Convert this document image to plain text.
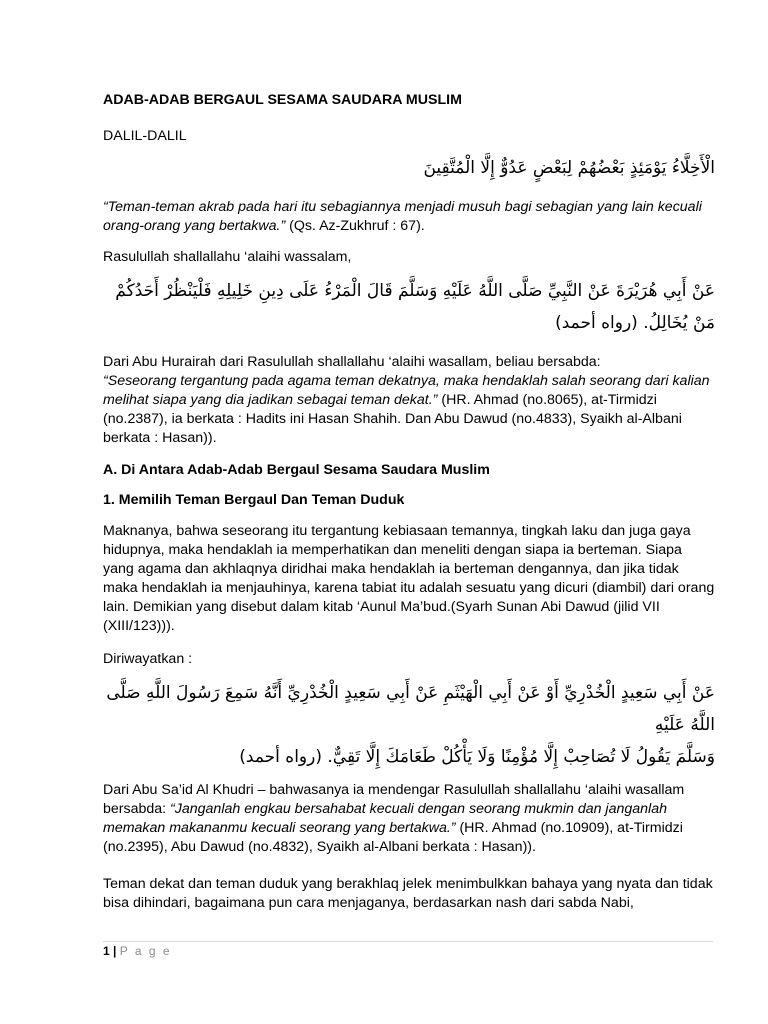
ADAB-ADAB BERGAUL SESAMA SAUDARA MUSLIM

DALIL-DALIL

الْأَخِلَّاءُ يَوْمَئِذٍ بَعْضُهُمْ لِبَعْضٍ عَدُوٌّ إِلَّا الْمُتَّقِينَ

“Teman-teman akrab pada hari itu sebagiannya menjadi musuh bagi sebagian yang lain kecuali orang-orang yang bertakwa.” (Qs. Az-Zukhruf : 67).

Rasulullah shallallahu ‘alaihi wassalam,

عَنْ أَبِي هُرَيْرَةَ عَنْ النَّبِيِّ صَلَّى اللَّهُ عَلَيْهِ وَسَلَّمَ قَالَ الْمَرْءُ عَلَى دِينِ خَلِيلِهِ فَلْيَنْظُرْ أَحَدُكُمْ مَنْ يُخَالِلُ. (رواه أحمد)

Dari Abu Hurairah dari Rasulullah shallallahu ‘alaihi wasallam, beliau bersabda:
“Seseorang tergantung pada agama teman dekatnya, maka hendaklah salah seorang dari kalian melihat siapa yang dia jadikan sebagai teman dekat.” (HR. Ahmad (no.8065), at-Tirmidzi (no.2387), ia berkata : Hadits ini Hasan Shahih. Dan Abu Dawud (no.4833), Syaikh al-Albani berkata : Hasan)).

A. Di Antara Adab-Adab Bergaul Sesama Saudara Muslim

1. Memilih Teman Bergaul Dan Teman Duduk

Maknanya, bahwa seseorang itu tergantung kebiasaan temannya, tingkah laku dan juga gaya hidupnya, maka hendaklah ia memperhatikan dan meneliti dengan siapa ia berteman. Siapa yang agama dan akhlaqnya diridhai maka hendaklah ia berteman dengannya, dan jika tidak maka hendaklah ia menjauhinya, karena tabiat itu adalah sesuatu yang dicuri (diambil) dari orang lain. Demikian yang disebut dalam kitab ‘Aunul Ma’bud.(Syarh Sunan Abi Dawud (jilid VII (XIII/123))).

Diriwayatkan :

عَنْ أَبِي سَعِيدٍ الْخُدْرِيِّ أَوْ عَنْ أَبِي الْهَيْثَمِ عَنْ أَبِي سَعِيدٍ الْخُدْرِيِّ أَنَّهُ سَمِعَ رَسُولَ اللَّهِ صَلَّى اللَّهُ عَلَيْهِ

وَسَلَّمَ يَقُولُ لَا تُصَاحِبْ إِلَّا مُؤْمِنًا وَلَا يَأْكُلْ طَعَامَكَ إِلَّا تَقِيٌّ. (رواه أحمد)

Dari Abu Sa’id Al Khudri – bahwasanya ia mendengar Rasulullah shallallahu ‘alaihi wasallam bersabda: “Janganlah engkau bersahabat kecuali dengan seorang mukmin dan janganlah memakan makananmu kecuali seorang yang bertakwa.” (HR. Ahmad (no.10909), at-Tirmidzi (no.2395), Abu Dawud (no.4832), Syaikh al-Albani berkata : Hasan)).

Teman dekat dan teman duduk yang berakhlaq jelek menimbulkkan bahaya yang nyata dan tidak bisa dihindari, bagaimana pun cara menjaganya, berdasarkan nash dari sabda Nabi,

1 | P a g e
